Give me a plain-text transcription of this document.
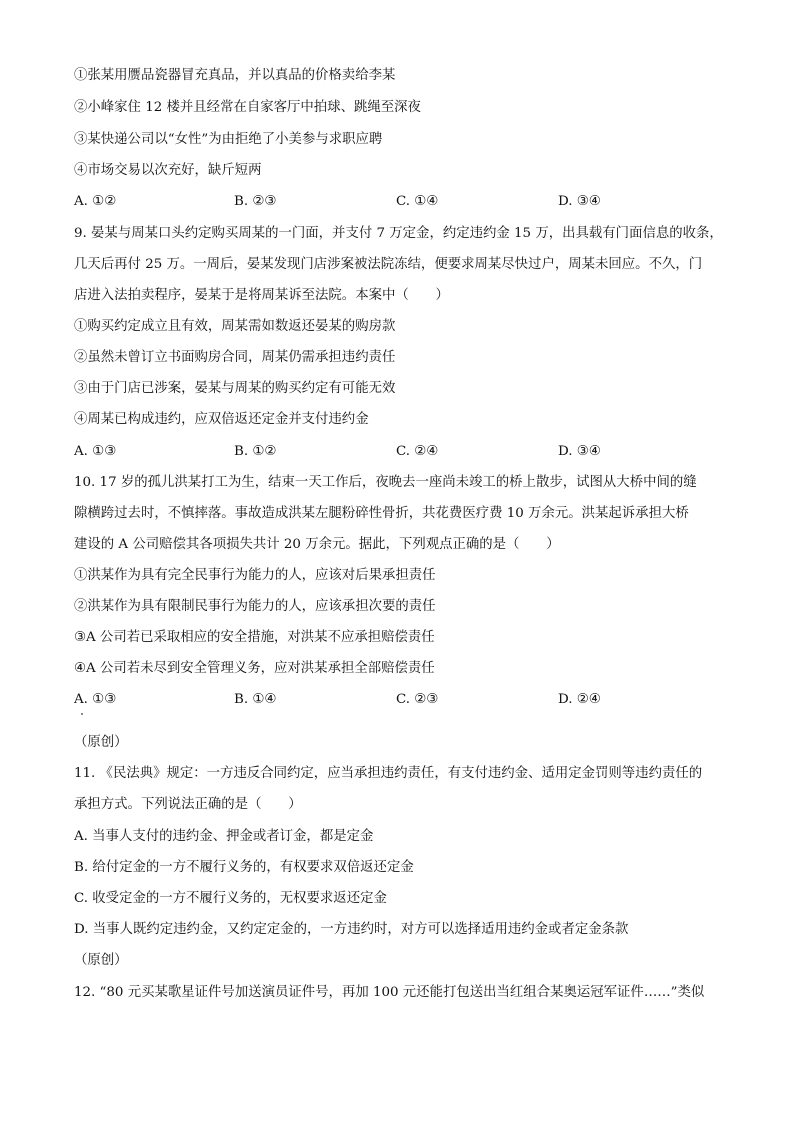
①张某用赝品瓷器冒充真品，并以真品的价格卖给李某
②小峰家住 12 楼并且经常在自家客厅中拍球、跳绳至深夜
③某快递公司以“女性”为由拒绝了小美参与求职应聘
④市场交易以次充好，缺斤短两
A. ①②	B. ②③	C. ①④	D. ③④
9. 晏某与周某口头约定购买周某的一门面，并支付 7 万定金，约定违约金 15 万，出具载有门面信息的收条，
几天后再付 25 万。一周后，晏某发现门店涉案被法院冻结，便要求周某尽快过户，周某未回应。不久，门
店进入法拍卖程序，晏某于是将周某诉至法院。本案中（　　）
①购买约定成立且有效，周某需如数返还晏某的购房款
②虽然未曾订立书面购房合同，周某仍需承担违约责任
③由于门店已涉案，晏某与周某的购买约定有可能无效
④周某已构成违约，应双倍返还定金并支付违约金
A. ①③	B. ①②	C. ②④	D. ③④
10. 17 岁的孤儿洪某打工为生，结束一天工作后，夜晚去一座尚未竣工的桥上散步，试图从大桥中间的缝
隙横跨过去时，不慎摔落。事故造成洪某左腿粉碎性骨折，共花费医疗费 10 万余元。洪某起诉承担大桥
建设的 A 公司赔偿其各项损失共计 20 万余元。据此，下列观点正确的是（　　）
①洪某作为具有完全民事行为能力的人，应该对后果承担责任
②洪某作为具有限制民事行为能力的人，应该承担次要的责任
③A 公司若已采取相应的安全措施，对洪某不应承担赔偿责任
④A 公司若未尽到安全管理义务，应对洪某承担全部赔偿责任
A. ①③	B. ①④	C. ②③	D. ②④
（原创）
11. 《民法典》规定：一方违反合同约定，应当承担违约责任，有支付违约金、适用定金罚则等违约责任的
承担方式。下列说法正确的是（　　）
A. 当事人支付的违约金、押金或者订金，都是定金
B. 给付定金的一方不履行义务的，有权要求双倍返还定金
C. 收受定金的一方不履行义务的，无权要求返还定金
D. 当事人既约定违约金，又约定定金的，一方违约时，对方可以选择适用违约金或者定金条款
（原创）
12. “80 元买某歌星证件号加送演员证件号，再加 100 元还能打包送出当红组合某奥运冠军证件……”类似
